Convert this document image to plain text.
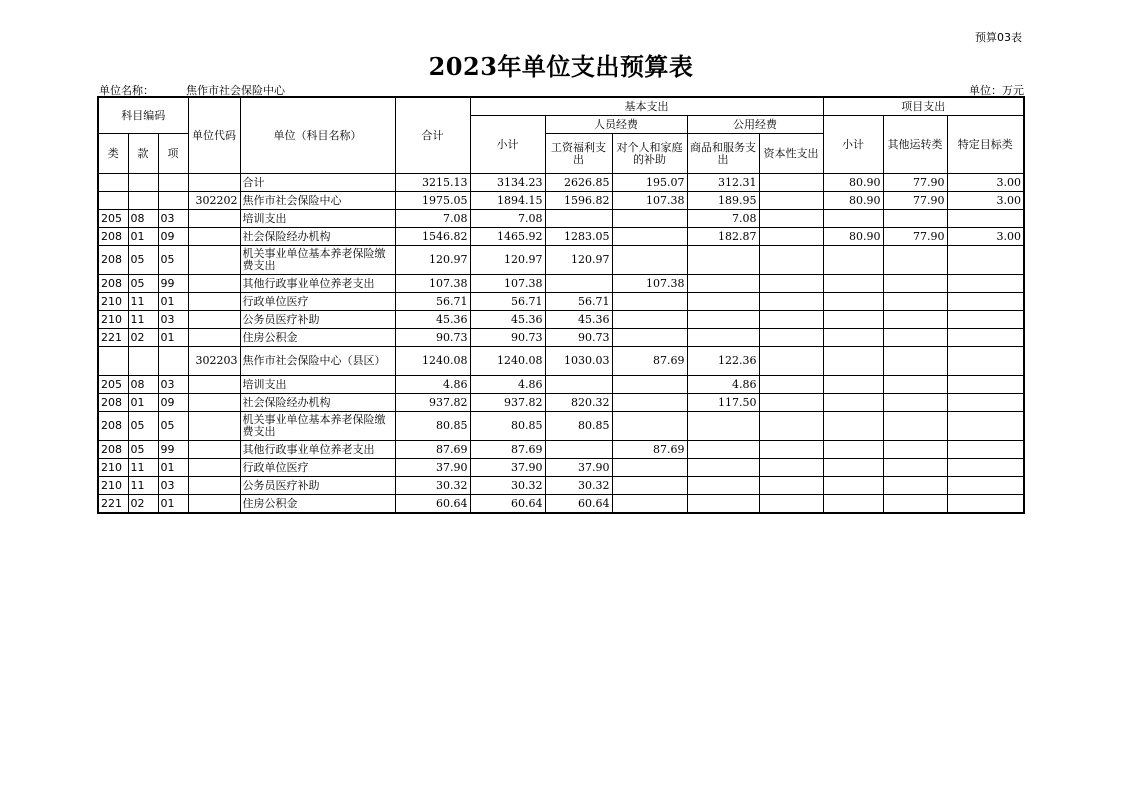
预算03表
2023年单位支出预算表
单位名称：	焦作市社会保险中心	单位：万元
科目编码			单位代码	单位（科目名称）	合计	基本支出					项目支出		
						小计	人员经费		公用经费		小计	其他运转类	特定目标类
类	款	项					工资福利支出	对个人和家庭的补助	商品和服务支出	资本性支出			

				合计	3215.13	3134.23	2626.85	195.07	312.31		80.90	77.90	3.00
			302202	焦作市社会保险中心	1975.05	1894.15	1596.82	107.38	189.95		80.90	77.90	3.00
205	08	03		培训支出	7.08	7.08			7.08				
208	01	09		社会保险经办机构	1546.82	1465.92	1283.05		182.87		80.90	77.90	3.00
208	05	05		机关事业单位基本养老保险缴费支出	120.97	120.97	120.97						
208	05	99		其他行政事业单位养老支出	107.38	107.38		107.38					
210	11	01		行政单位医疗	56.71	56.71	56.71						
210	11	03		公务员医疗补助	45.36	45.36	45.36						
221	02	01		住房公积金	90.73	90.73	90.73						
			302203	焦作市社会保险中心（县区）	1240.08	1240.08	1030.03	87.69	122.36				
205	08	03		培训支出	4.86	4.86			4.86				
208	01	09		社会保险经办机构	937.82	937.82	820.32		117.50				
208	05	05		机关事业单位基本养老保险缴费支出	80.85	80.85	80.85						
208	05	99		其他行政事业单位养老支出	87.69	87.69		87.69					
210	11	01		行政单位医疗	37.90	37.90	37.90						
210	11	03		公务员医疗补助	30.32	30.32	30.32						
221	02	01		住房公积金	60.64	60.64	60.64						
